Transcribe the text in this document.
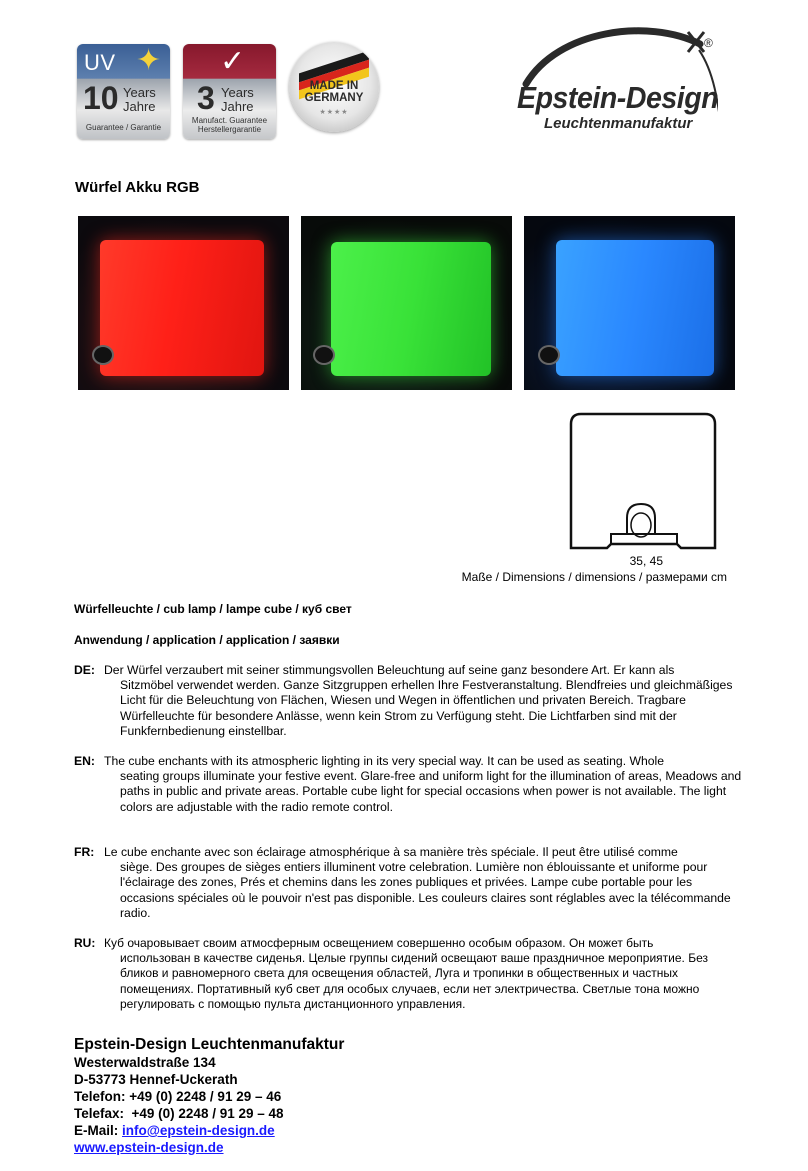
UV ✦
10 Years
Jahre
Guarantee / Garantie
✓
3 Years
Jahre
Manufact. Guarantee
Herstellergarantie
MADE IN
GERMANY
★★★★
®
Epstein-Design
Leuchtenmanufaktur
Würfel Akku RGB
35, 45
Maße / Dimensions / dimensions / размерами cm
Würfelleuchte / cub lamp / lampe cube / куб свет
Anwendung / application / application / заявки
DE: Der Würfel verzaubert mit seiner stimmungsvollen Beleuchtung auf seine ganz besondere Art. Er kann als

Sitzmöbel verwendet werden. Ganze Sitzgruppen erhellen Ihre Festveranstaltung. Blendfreies und gleichmäßiges Licht für die Beleuchtung von Flächen, Wiesen und Wegen in öffentlichen und privaten Bereich. Tragbare Würfelleuchte für besondere Anlässe, wenn kein Strom zu Verfügung steht. Die Lichtfarben sind mit der Funkfernbedienung einstellbar.

EN: The cube enchants with its atmospheric lighting in its very special way. It can be used as seating. Whole

seating groups illuminate your festive event. Glare-free and uniform light for the illumination of areas, Meadows and paths in public and private areas. Portable cube light for special occasions when power is not available. The light colors are adjustable with the radio remote control.

FR: Le cube enchante avec son éclairage atmosphérique à sa manière très spéciale. Il peut être utilisé comme

siège. Des groupes de sièges entiers illuminent votre celebration. Lumière non éblouissante et uniforme pour l'éclairage des zones, Prés et chemins dans les zones publiques et privées. Lampe cube portable pour les occasions spéciales où le pouvoir n'est pas disponible. Les couleurs claires sont réglables avec la télécommande radio.

RU: Куб очаровывает своим атмосферным освещением совершенно особым образом. Он может быть

использован в качестве сиденья. Целые группы сидений освещают ваше праздничное мероприятие. Без бликов и равномерного света для освещения областей, Луга и тропинки в общественных и частных помещениях. Портативный куб свет для особых случаев, если нет электричества. Светлые тона можно регулировать с помощью пульта дистанционного управления.

Epstein-Design Leuchtenmanufaktur
Westerwaldstraße 134
D-53773 Hennef-Uckerath
Telefon: +49 (0) 2248 / 91 29 – 46
Telefax:  +49 (0) 2248 / 91 29 – 48
E-Mail: info@epstein-design.de
www.epstein-design.de
